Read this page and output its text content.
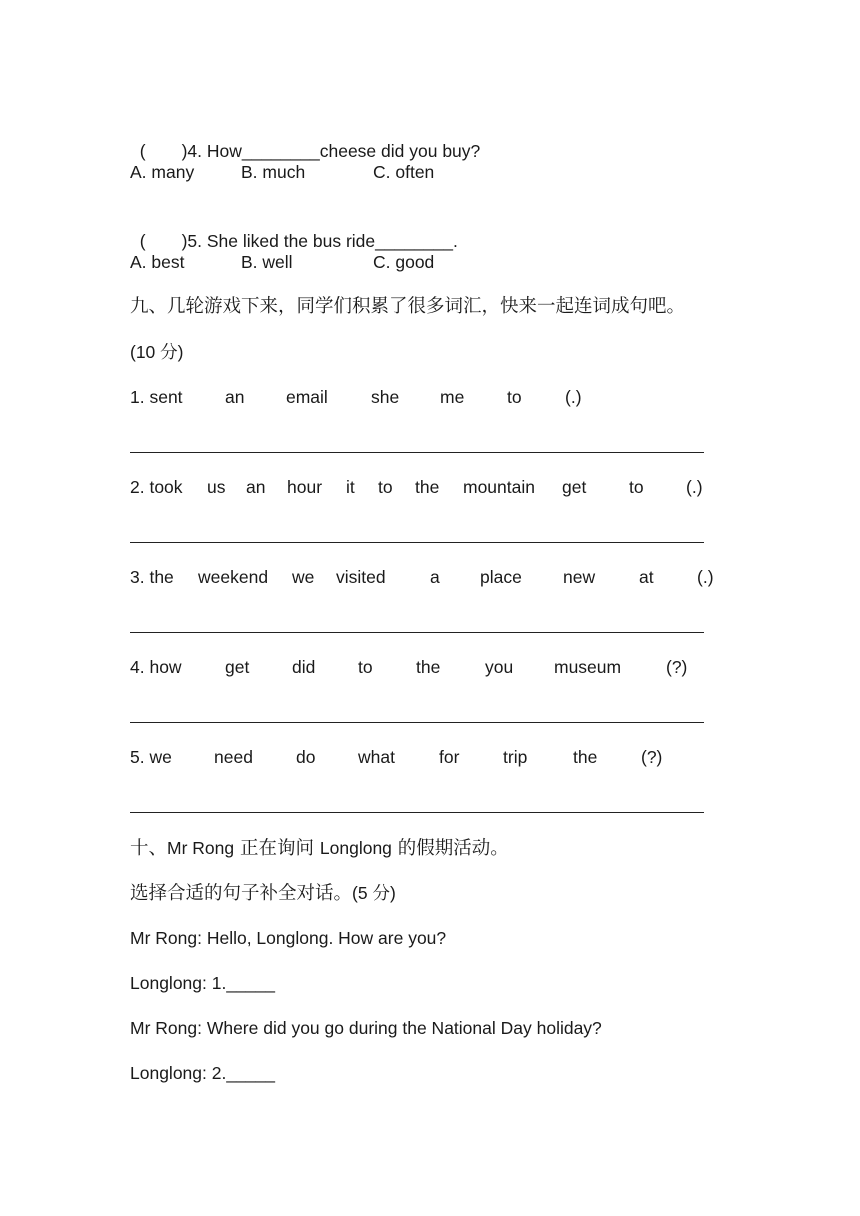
( )4. How________cheese did you buy?

A. many	B. much	C. often

( )5. She liked the bus ride________.

A. best	B. well	C. good
九、几轮游戏下来，同学们积累了很多词汇，快来一起连词成句吧。
(10 分)
1. sent an email she me to (.)
2. took us an hour it to the mountain get to (.)
3. the weekend we visited	a place new	at (.)
4. how get did to the	you museum	(?)
5. we need do what	for trip	the (?)
十、Mr Rong 正在询问 Longlong 的假期活动。
选择合适的句子补全对话。(5 分)
Mr Rong: Hello, Longlong. How are you?
Longlong: 1._____
Mr Rong: Where did you go during the National Day holiday?
Longlong: 2._____
